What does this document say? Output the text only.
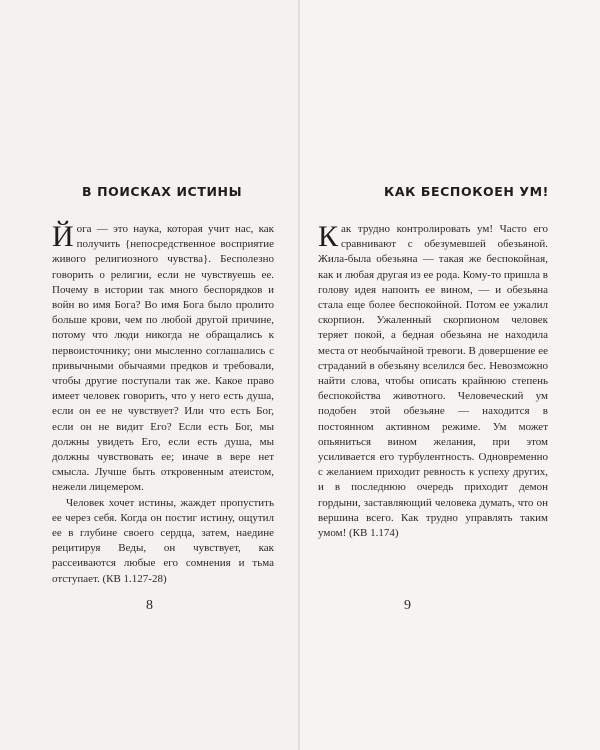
В ПОИСКАХ ИСТИНЫ

Йога — это наука, которая учит нас, как получить {непосредственное восприятие живого религиозного чувства}. Бесполезно говорить о религии, если не чувствуешь ее. Почему в истории так много беспорядков и войн во имя Бога? Во имя Бога было пролито больше крови, чем по любой другой причине, потому что люди никогда не обращались к первоисточнику; они мысленно соглашались с привычными обычаями предков и требовали, чтобы другие поступали так же. Какое право имеет человек говорить, что у него есть душа, если он ее не чувствует? Или что есть Бог, если он не видит Его? Если есть Бог, мы должны увидеть Его, если есть душа, мы должны чувствовать ее; иначе в вере нет смысла. Лучше быть откровенным атеистом, нежели лицемером.

Человек хочет истины, жаждет пропустить ее через себя. Когда он постиг истину, ощутил ее в глубине своего сердца, затем, наедине рецитируя Веды, он чувствует, как рассеиваются любые его сомнения и тьма отступает. (КВ 1.127-28)

8
КАК БЕСПОКОЕН УМ!

Как трудно контролировать ум! Часто его сравнивают с обезумевшей обезьяной. Жила-была обезьяна — такая же беспокойная, как и любая другая из ее рода. Кому-то пришла в голову идея напоить ее вином, — и обезьяна стала еще более беспокойной. Потом ее ужалил скорпион. Ужаленный скорпионом человек теряет покой, а бедная обезьяна не находила места от необычайной тревоги. В довершение ее страданий в обезьяну вселился бес. Невозможно найти слова, чтобы описать крайнюю степень беспокойства животного. Человеческий ум подобен этой обезьяне — находится в постоянном активном режиме. Ум может опьяниться вином желания, при этом усиливается его турбулентность. Одновременно с желанием приходит ревность к успеху других, и в последнюю очередь приходит демон гордыни, заставляющий человека думать, что он вершина всего. Как трудно управлять таким умом! (КВ 1.174)

9
